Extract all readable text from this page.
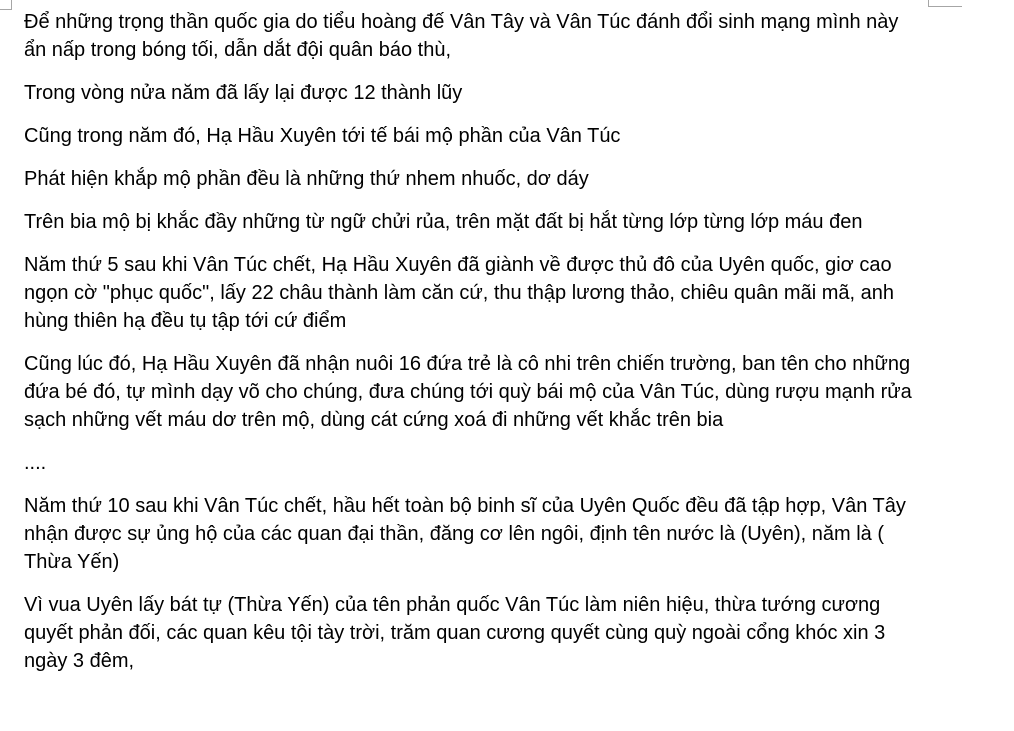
Để những trọng thần quốc gia do tiểu hoàng đế Vân Tây và Vân Túc đánh đổi sinh mạng mình này ẩn nấp trong bóng tối, dẫn dắt đội quân báo thù,

Trong vòng nửa năm đã lấy lại được 12 thành lũy

Cũng trong năm đó, Hạ Hầu Xuyên tới tế bái mộ phần của Vân Túc

Phát hiện khắp mộ phần đều là những thứ nhem nhuốc, dơ dáy

Trên bia mộ bị khắc đầy những từ ngữ chửi rủa, trên mặt đất bị hắt từng lớp từng lớp máu đen

Năm thứ 5 sau khi Vân Túc chết, Hạ Hầu Xuyên đã giành về được thủ đô của Uyên quốc, giơ cao ngọn cờ "phục quốc", lấy 22 châu thành làm căn cứ, thu thập lương thảo, chiêu quân mãi mã, anh hùng thiên hạ đều tụ tập tới cứ điểm

Cũng lúc đó, Hạ Hầu Xuyên đã nhận nuôi 16 đứa trẻ là cô nhi trên chiến trường, ban tên cho những đứa bé đó, tự mình dạy võ cho chúng, đưa chúng tới quỳ bái mộ của Vân Túc, dùng rượu mạnh rửa sạch những vết máu dơ trên mộ, dùng cát cứng xoá đi những vết khắc trên bia

....

Năm thứ 10 sau khi Vân Túc chết, hầu hết toàn bộ binh sĩ của Uyên Quốc đều đã tập hợp, Vân Tây nhận được sự ủng hộ của các quan đại thần, đăng cơ lên ngôi, định tên nước là (Uyên), năm là ( Thừa Yến)

Vì vua Uyên lấy bát tự (Thừa Yến) của tên phản quốc Vân Túc làm niên hiệu, thừa tướng cương quyết phản đối, các quan kêu tội tày trời, trăm quan cương quyết cùng quỳ ngoài cổng khóc xin 3 ngày 3 đêm,
